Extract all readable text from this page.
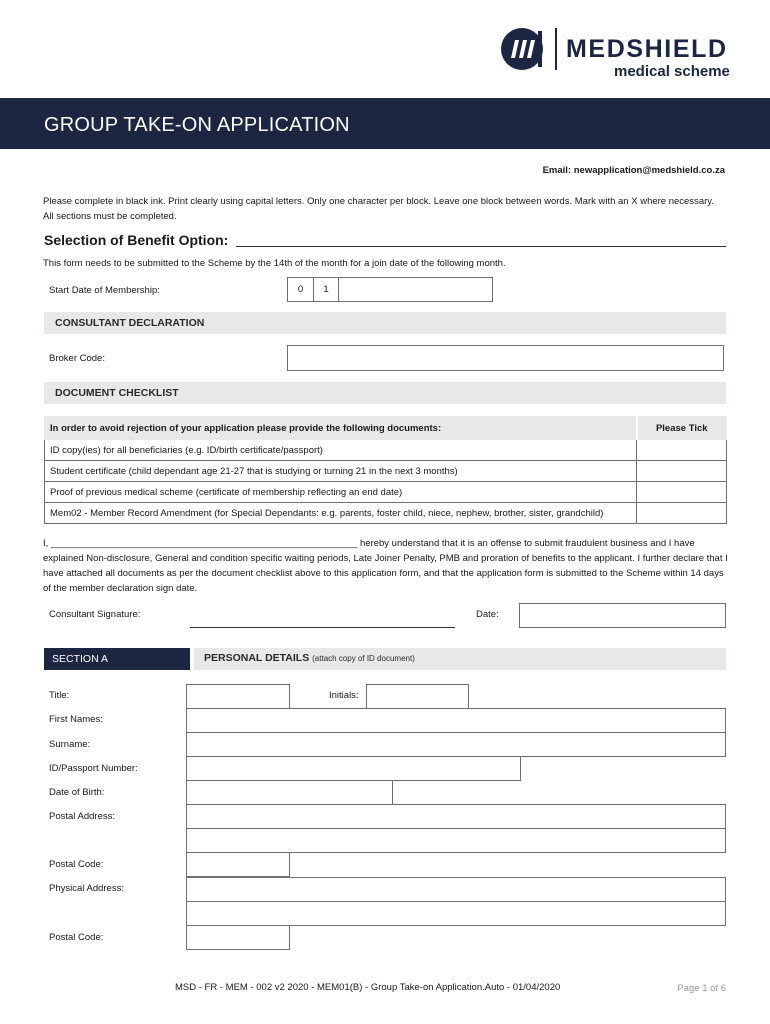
MEDSHIELD
medical scheme
GROUP TAKE-ON APPLICATION
Email: newapplication@medshield.co.za
Please complete in black ink. Print clearly using capital letters. Only one character per block. Leave one block between words. Mark with an X where necessary. All sections must be completed.
Selection of Benefit Option:
This form needs to be submitted to the Scheme by the 14th of the month for a join date of the following month.
Start Date of Membership:	0	1
CONSULTANT DECLARATION
Broker Code:
DOCUMENT CHECKLIST
In order to avoid rejection of your application please provide the following documents:	Please Tick
ID copy(ies) for all beneficiaries (e.g. ID/birth certificate/passport)	
Student certificate (child dependant age 21-27 that is studying or turning 21 in the next 3 months)	
Proof of previous medical scheme (certificate of membership reflecting an end date)	
Mem02 - Member Record Amendment (for Special Dependants: e.g. parents, foster child, niece, nephew, brother, sister, grandchild)	
I, __________________________________________________________ hereby understand that it is an offense to submit fraudulent business and I have explained Non-disclosure, General and condition specific waiting periods, Late Joiner Penalty, PMB and proration of benefits to the applicant. I further declare that I have attached all documents as per the document checklist above to this application form, and that the application form is submitted to the Scheme within 14 days of the member declaration sign date.
Consultant Signature:	Date:
SECTION A	PERSONAL DETAILS (attach copy of ID document)
Title:	Initials:
First Names:
Surname:
ID/Passport Number:
Date of Birth:
Postal Address:
Postal Code:
Physical Address:
Postal Code:
MSD - FR - MEM - 002 v2 2020 - MEM01(B) - Group Take-on Application.Auto - 01/04/2020	Page 1 of 6
